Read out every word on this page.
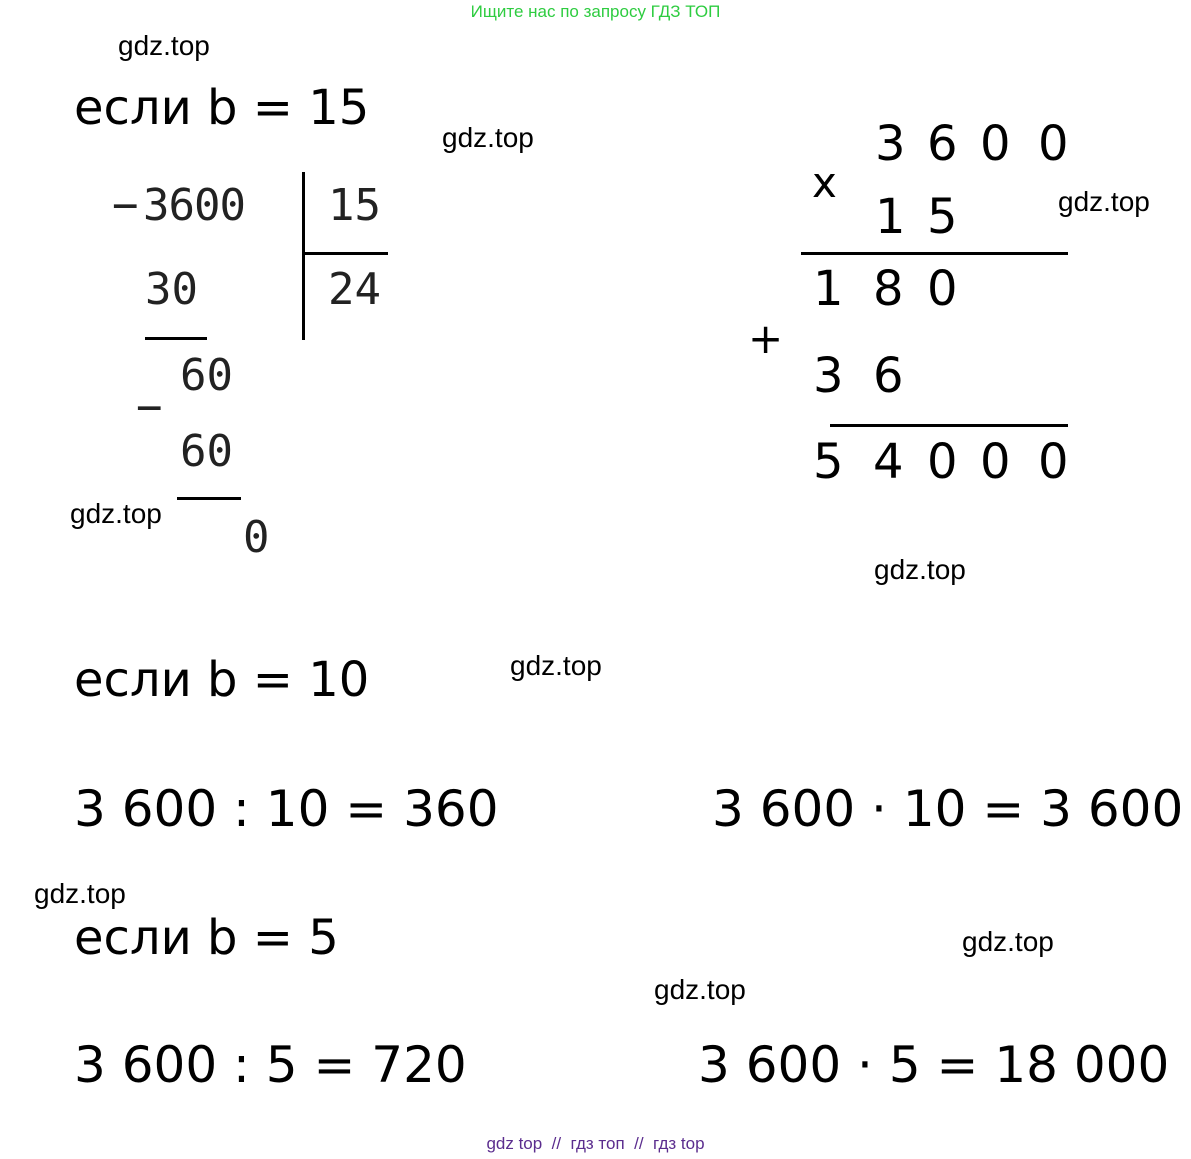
Ищите нас по запросу ГДЗ ТОП
gdz.top
gdz.top
gdz.top
gdz.top
gdz.top
gdz.top
gdz.top
gdz.top
gdz.top
если b = 15
− 3600 15
24
30
−
60
60
0
x
3 6 0 0
1 5
1 8 0
+
3 6
5 4 0 0 0
если b = 10
3 600 : 10 = 360	3 600 · 10 = 3 600
если b = 5
3 600 : 5 = 720	3 600 · 5 = 18 000
gdz top  //  гдз топ  //  гдз top
